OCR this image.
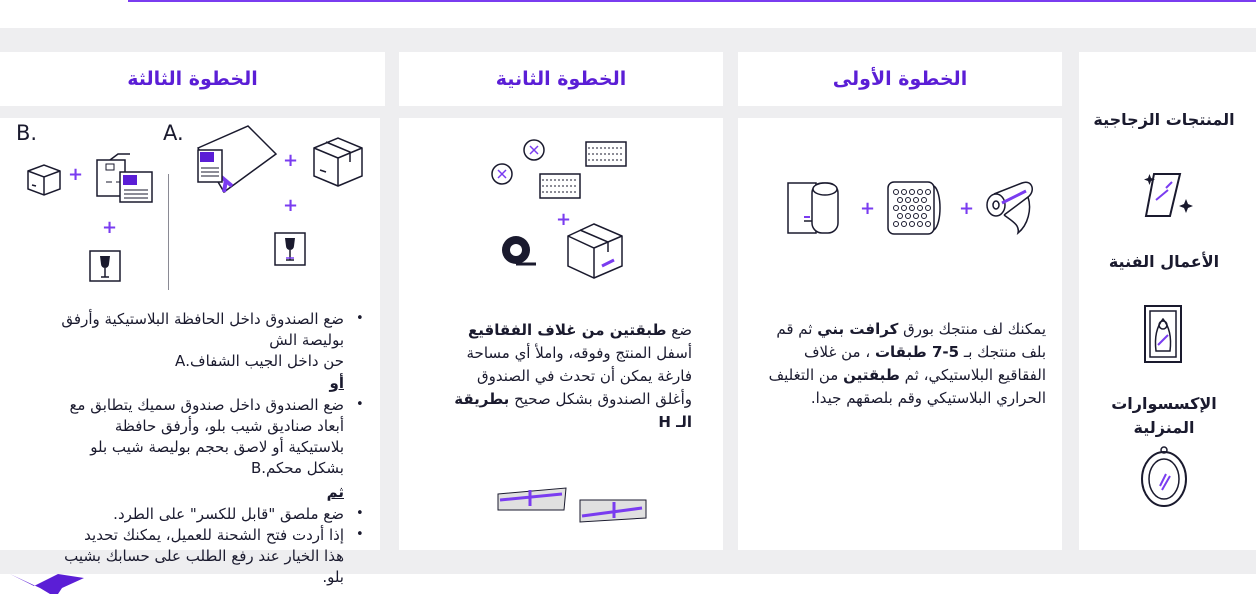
الخطوة الثالثة	الخطوة الثانية	الخطوة الأولى
المنتجات الزجاجية
الأعمال الفنية
الإكسسوارات المنزلية
+	+
يمكنك لف منتجك بورق كرافت بني ثم قم بلف منتجك بـ 5-7 طبقات ، من غلاف الفقاقيع البلاستيكي، ثم طبقتين من التغليف الحراري البلاستيكي وقم بلصقهم جيدا.
+
ضع طبقتين من غلاف الفقاقيع أسفل المنتج وفوقه، واملأ أي مساحة فارغة يمكن أن تحدث في الصندوق وأغلق الصندوق بشكل صحيح بطريقة الـ H
B.	A.
+
+
+
+
•
ضع الصندوق داخل الحافظة البلاستيكية وأرفق
بوليصة الش
حن داخل الجيب الشفاف.A
أو
•
ضع الصندوق داخل صندوق سميك يتطابق مع
أبعاد صناديق شيب بلو، وأرفق حافظة
بلاستيكية أو لاصق بحجم بوليصة شيب بلو
بشكل محكم.B
ثم
•
ضع ملصق "قابل للكسر" على الطرد.
•
إذا أردت فتح الشحنة للعميل، يمكنك تحديد
هذا الخيار عند رفع الطلب على حسابك بشيب
بلو.
